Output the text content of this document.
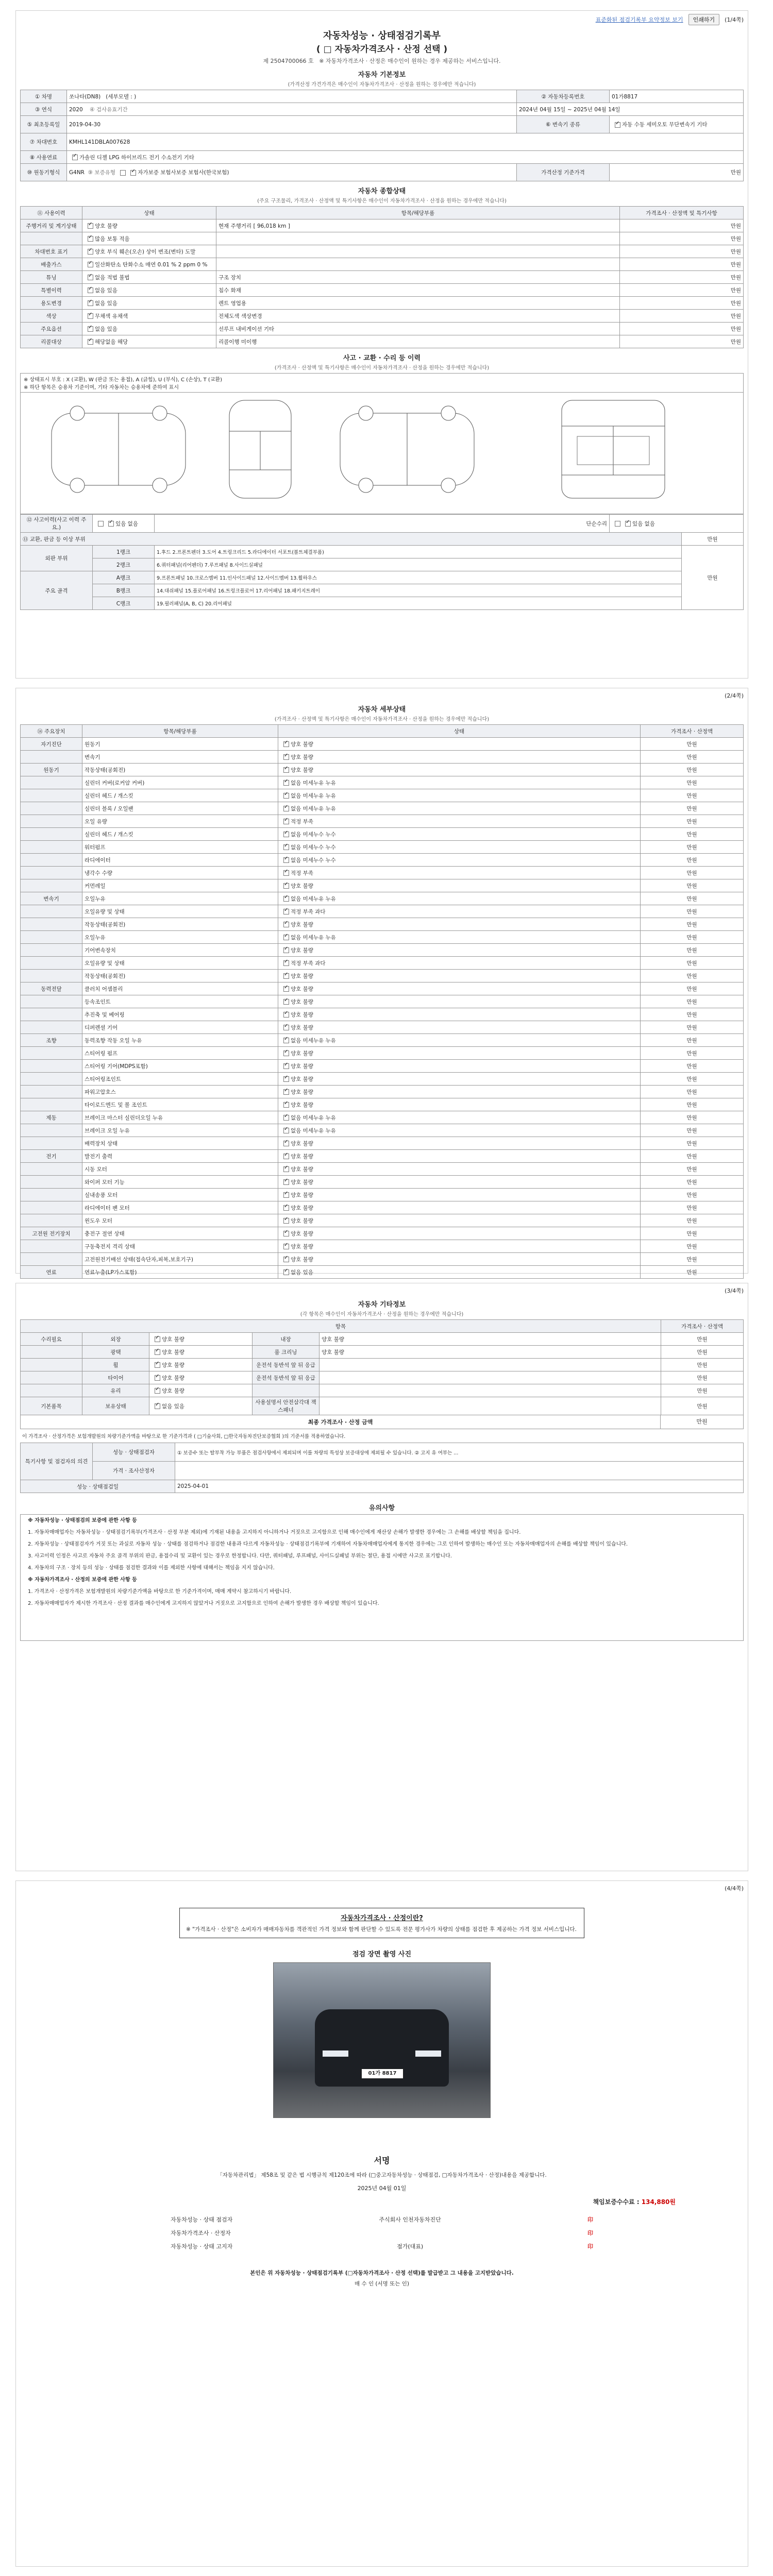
표준화된 점검기록부 요약정보 보기	인쇄하기	(1/4쪽)
자동차성능 · 상태점검기록부
( □ 자동차가격조사 · 산정 선택 )
제 2504700066 호 ※ 자동차가격조사 · 산정은 매수인이 원하는 경우 제공하는 서비스입니다.
자동차 기본정보
(가격산정 가견가격은 매수인이 자동차가격조사 · 산정을 원하는 경우에만 적습니다)
① 차명	쏘나타(DN8) (세부모델 : )	② 자동차등록번호	01가8817
③ 연식	2020 ④ 검사유효기간	2024년 04월 15일 ~ 2025년 04월 14일	
⑤ 최초등록일	2019-04-30	⑥ 변속기 종류	✓자동 수동 세미오토 무단변속기 기타
⑦ 차대번호	KMHL141DBLA007628		
⑧ 사용연료	✓가솔린 디젤 LPG 하이브리드 전기 수소전기 기타
⑩ 원동기형식	G4NR ⑨ 보증유형 ✓ 자가보증 보험사보증 보험사(한국보험)	가격산정 기준가격	만원
자동차 종합상태
(주요 구조물리, 가격조사 · 산정액 및 특기사항은 매수인이 자동차가격조사 · 산정을 원하는 경우에만 적습니다)
⑪ 사용이력	상태	항목/해당부품	가격조사 · 산정액 및 특기사항
주행거리 및 계기상태	✓양호 불량	현재 주행거리 [ 96,018 km ]	만원
	✓많음 보통 적음		만원
차대번호 표기	✓양호 부식 훼손(오손) 상이 변조(변타) 도말		만원
배출가스	✓일산화탄소 탄화수소 매연 0.01 % 2 ppm 0 %		만원
튜닝	✓없음 적법 불법	구조 장치	만원
특별이력	✓없음 있음	침수 화재	만원
용도변경	✓없음 있음	렌트 영업용	만원
색상	✓무채색 유채색	전체도색 색상변경	만원
주요옵션	✓없음 있음	선루프 내비게이션 기타	만원
리콜대상	✓해당없음 해당	리콜이행 미이행	만원
사고 · 교환 · 수리 등 이력
(가격조사 · 산정액 및 특기사항은 매수인이 자동차가격조사 · 산정을 원하는 경우에만 적습니다)
※ 상태표시 부호 : X (교환), W (판금 또는 용접), A (긁힘), U (부식), C (손상), T (교환)
※ 하단 항목은 승용차 기준이며, 기타 자동차는 승용차에 준하여 표시
⑫ 사고이력(사고 이력 주요.)	✓있음 없음	단순수리	✓있음 없음
⑬ 교환, 판금 등 이상 부위				만원
외판 부위	1랭크	1.후드 2.프론트펜더 3.도어 4.트렁크리드 5.라디에이터 서포트(볼트체결부품)		만원
	2랭크	6.쿼터패널(리어펜더) 7.루프패널 8.사이드실패널		
주요 골격	A랭크	9.프론트패널 10.크로스멤버 11.인사이드패널 12.사이드멤버 13.휠하우스		
	B랭크	14.대쉬패널 15.플로어패널 16.트렁크플로어 17.리어패널 18.패키지트레이		
	C랭크	19.필러패널(A, B, C) 20.리어패널		
(2/4쪽)
자동차 세부상태
(가격조사 · 산정액 및 특기사항은 매수인이 자동차가격조사 · 산정을 원하는 경우에만 적습니다)
⑭ 주요장치	항목/해당부품	상태	가격조사 · 산정액
자기진단	원동기	✓양호 불량	만원
	변속기	✓양호 불량	만원
원동기	작동상태(공회전)	✓양호 불량	만원
	실린더 커버(로커암 커버)	✓없음 미세누유 누유	만원
	실린더 헤드 / 개스킷	✓없음 미세누유 누유	만원
	실린더 블록 / 오일팬	✓없음 미세누유 누유	만원
	오일 유량	✓적정 부족	만원
	실린더 헤드 / 개스킷	✓없음 미세누수 누수	만원
	워터펌프	✓없음 미세누수 누수	만원
	라디에이터	✓없음 미세누수 누수	만원
	냉각수 수량	✓적정 부족	만원
	커먼레일	✓양호 불량	만원
변속기	오일누유	✓없음 미세누유 누유	만원
	오일유량 및 상태	✓적정 부족 과다	만원
	작동상태(공회전)	✓양호 불량	만원
	오일누유	✓없음 미세누유 누유	만원
	기어변속장치	✓양호 불량	만원
	오일유량 및 상태	✓적정 부족 과다	만원
	작동상태(공회전)	✓양호 불량	만원
동력전달	클러치 어셈블리	✓양호 불량	만원
	등속조인트	✓양호 불량	만원
	추진축 및 베어링	✓양호 불량	만원
	디퍼렌셜 기어	✓양호 불량	만원
조향	동력조향 작동 오일 누유	✓없음 미세누유 누유	만원
	스티어링 펌프	✓양호 불량	만원
	스티어링 기어(MDPS포함)	✓양호 불량	만원
	스티어링조인트	✓양호 불량	만원
	파워고압호스	✓양호 불량	만원
	타이로드엔드 및 볼 조인트	✓양호 불량	만원
제동	브레이크 마스터 실린더오일 누유	✓없음 미세누유 누유	만원
	브레이크 오일 누유	✓없음 미세누유 누유	만원
	배력장치 상태	✓양호 불량	만원
전기	발전기 출력	✓양호 불량	만원
	시동 모터	✓양호 불량	만원
	와이퍼 모터 기능	✓양호 불량	만원
	실내송풍 모터	✓양호 불량	만원
	라디에이터 팬 모터	✓양호 불량	만원
	윈도우 모터	✓양호 불량	만원
고전원 전기장치	충전구 절연 상태	✓양호 불량	만원
	구동축전지 격리 상태	✓양호 불량	만원
	고전원전기배선 상태(접속단자,피복,보호기구)	✓양호 불량	만원
연료	연료누출(LP가스포함)	✓없음 있음	만원
(3/4쪽)
자동차 기타정보
(각 항목은 매수인이 자동차가격조사 · 산정을 원하는 경우에만 적습니다)
항목					가격조사 · 산정액
수리필요	외장	✓양호 불량	내장	양호 불량	만원
	광택	✓양호 불량	룸 크리닝	양호 불량	만원
	휠	✓양호 불량	운전석 동반석 앞 뒤 응급		만원
	타이어	✓양호 불량	운전석 동반석 앞 뒤 응급		만원
	유리	✓양호 불량			만원
기본품목	보유상태	✓없음 있음	사용설명서 안전삼각대 잭 스패너		만원
최종 가격조사 · 산정 금액	만원
이 가격조사 · 산정가격은 보험개발원의 차량기준가액을 바탕으로 한 기준가격과 ( □기술사회, □한국자동차진단보증협회 )의 기준서를 적용하였습니다.
특기사항 및 점검자의 의견	성능 · 상태점검자	① 보증수 또는 탈부착 가능 부품은 점검사항에서 제외되며 이를 차량의 특성상 보증대상에 제외될 수 있습니다. ② 고지 유 여부는 ...
	가격 · 조사산정자	
성능 · 상태점검일		2025-04-01
유의사항
※ 자동차성능 · 상태점검의 보증에 관한 사항 등
1. 자동차매매업자는 자동차성능 · 상태점검기록부(가격조사 · 산정 부분 제외)에 기재된 내용을 고지하지 아니하거나 거짓으로 고지함으로 인해 매수인에게 재산상 손해가 발생한 경우에는 그 손해를 배상할 책임을 집니다.
2. 자동차성능 · 상태점검자가 거짓 또는 과실로 자동차 성능 · 상태를 점검하거나 점검한 내용과 다르게 자동차성능 · 상태점검기록부에 기재하여 자동차매매업자에게 통지한 경우에는 그로 인하여 발생하는 매수인 또는 자동차매매업자의 손해를 배상할 책임이 있습니다.
3. 사고이력 인정은 사고로 자동차 주요 골격 부위의 판금, 용접수리 및 교환이 있는 경우로 한정합니다. 다만, 쿼터패널, 루프패널, 사이드실패널 부위는 절단, 용접 시에만 사고로 표기합니다.
4. 자동차의 구조 · 장치 등의 성능 · 상태를 점검한 결과와 이를 제외한 사항에 대해서는 책임을 지지 않습니다.
※ 자동차가격조사 · 산정의 보증에 관한 사항 등
1. 가격조사 · 산정가격은 보험개발원의 차량기준가액을 바탕으로 한 기준가격이며, 매매 계약시 참고하시기 바랍니다.
2. 자동차매매업자가 제시한 가격조사 · 산정 결과를 매수인에게 고지하지 않았거나 거짓으로 고지함으로 인하여 손해가 발생한 경우 배상할 책임이 있습니다.
(4/4쪽)
자동차가격조사 · 산정이란?
※ "가격조사 · 산정"은 소비자가 매매자동차를 객관적인 가격 정보와 함께 판단할 수 있도록 전문 평가사가 차량의 상태를 점검한 후 제공하는 가격 정보 서비스입니다.
점검 장면 촬영 사진
01가 8817
서명
「자동차관리법」 제58조 및 같은 법 시행규칙 제120조에 따라 (□중고자동차성능 · 상태점검, □자동차가격조사 · 산정)내용을 제공합니다.
2025년 04월 01일
책임보증수수료 : 134,880원
자동차성능 · 상태 점검자	주식회사 인천자동차진단	印
자동차가격조사 · 산정자	印
자동차성능 · 상태 고지자	점가(대표)	印
본인은 위 자동차성능 · 상태점검기록부 (□자동차가격조사 · 산정 선택)를 발급받고 그 내용을 고지받았습니다.
매 수 인 (서명 또는 인)
